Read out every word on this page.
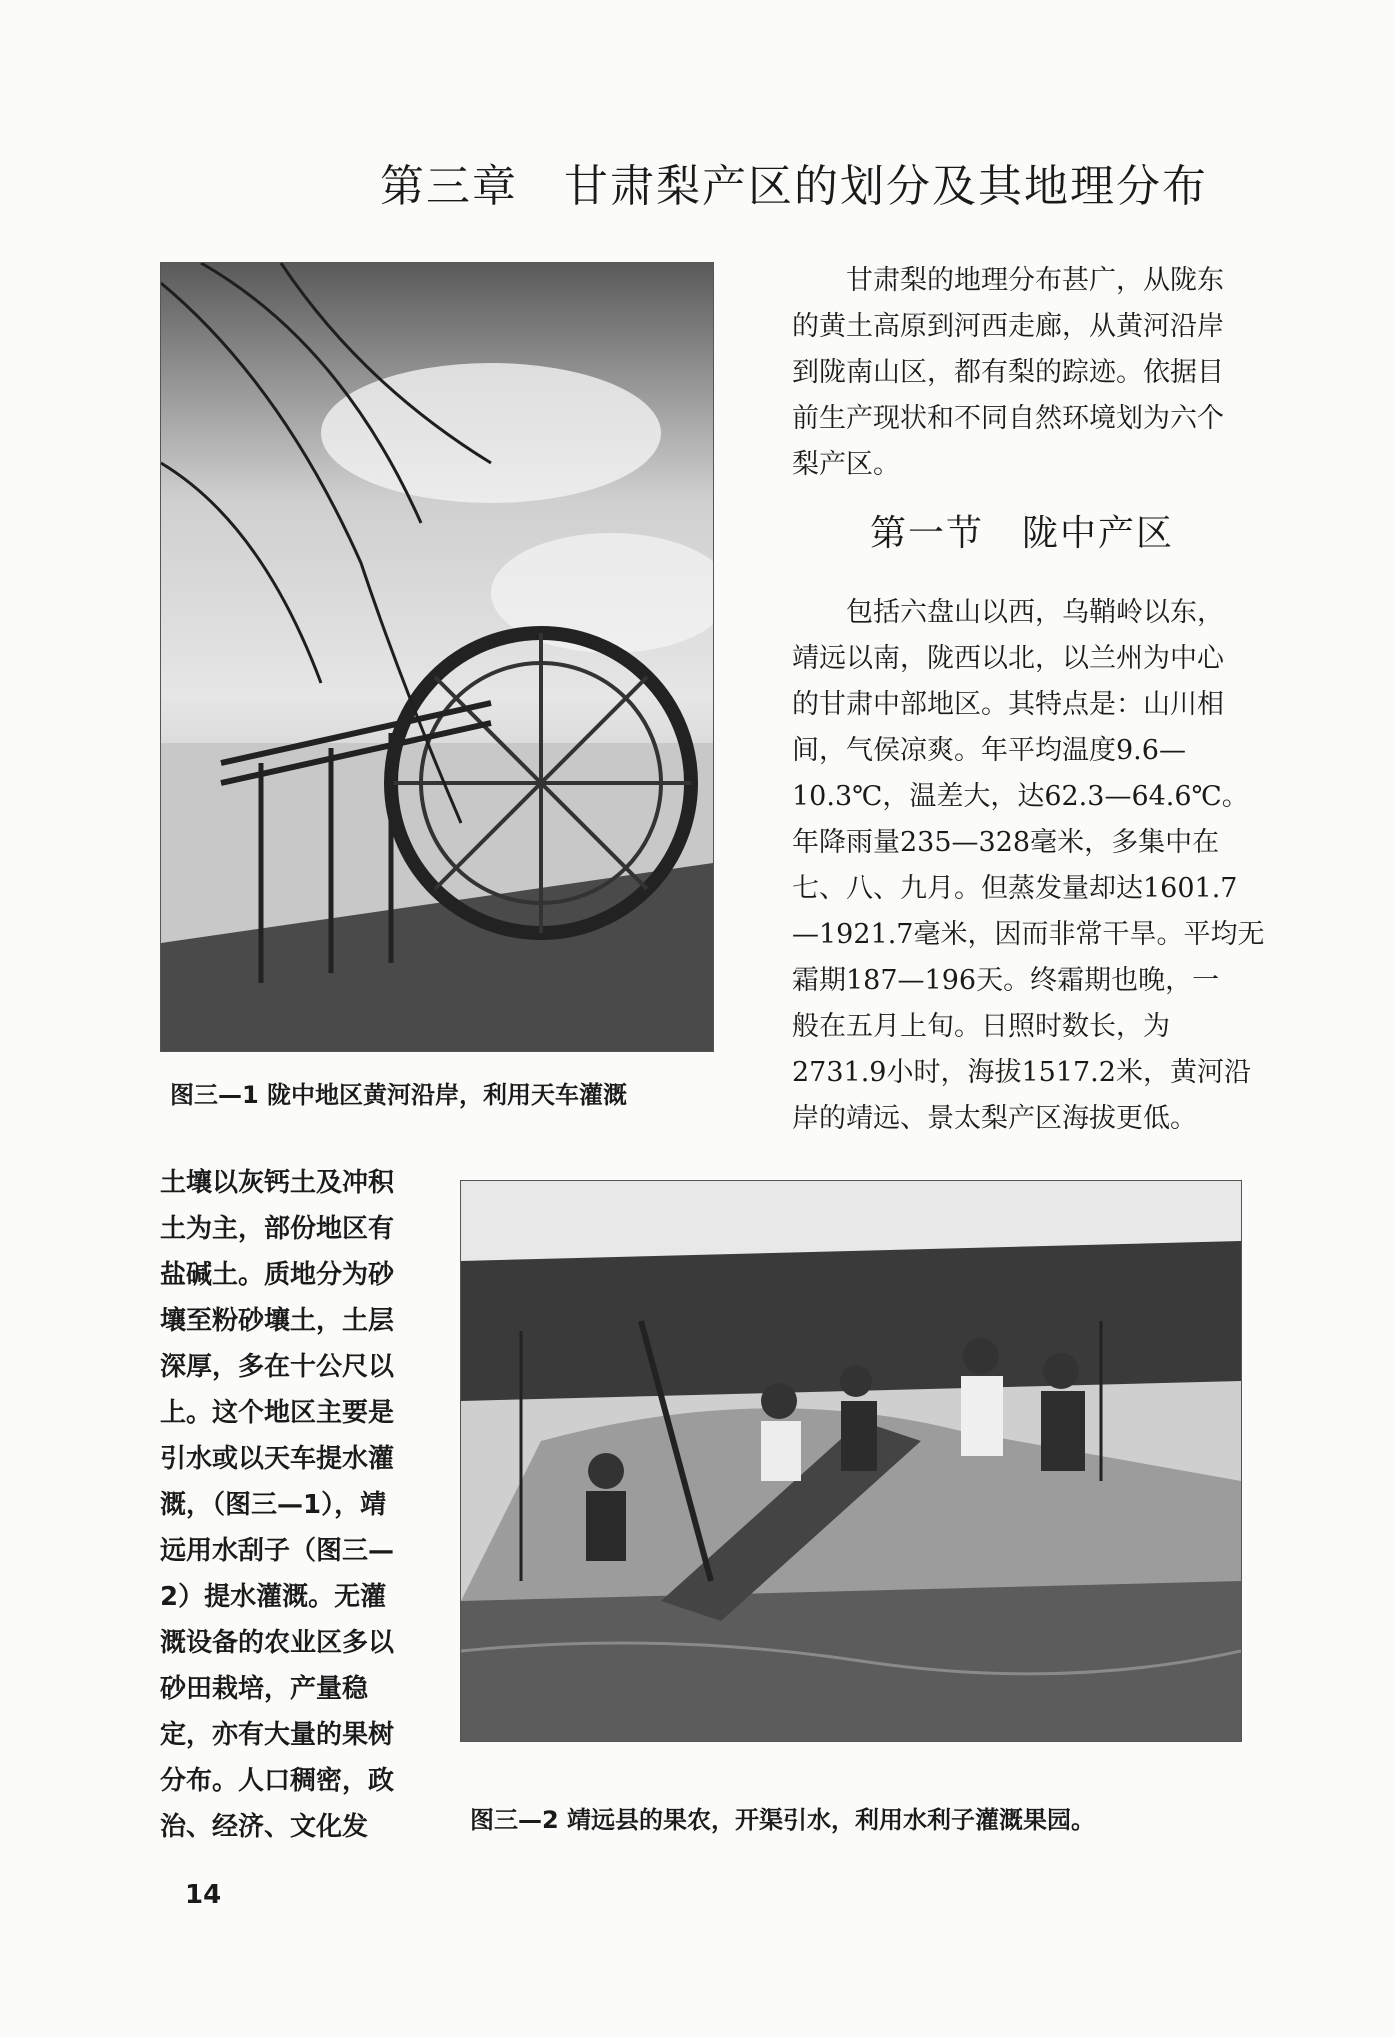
第三章　甘肃梨产区的划分及其地理分布
图三—1 陇中地区黄河沿岸，利用天车灌溉
甘肃梨的地理分布甚广，从陇东
的黄土高原到河西走廊，从黄河沿岸
到陇南山区，都有梨的踪迹。依据目
前生产现状和不同自然环境划为六个
梨产区。
第一节　陇中产区
包括六盘山以西，乌鞘岭以东，
靖远以南，陇西以北，以兰州为中心
的甘肃中部地区。其特点是：山川相
间，气侯凉爽。年平均温度9.6—
10.3℃，温差大，达62.3—64.6℃。
年降雨量235—328毫米，多集中在
七、八、九月。但蒸发量却达1601.7
—1921.7毫米，因而非常干旱。平均无
霜期187—196天。终霜期也晚，一
般在五月上旬。日照时数长，为
2731.9小时，海拔1517.2米，黄河沿
岸的靖远、景太梨产区海拔更低。
土壤以灰钙土及冲积
土为主，部份地区有
盐碱土。质地分为砂
壤至粉砂壤土，土层
深厚，多在十公尺以
上。这个地区主要是
引水或以天车提水灌
溉，（图三—1），靖
远用水刮子（图三—
2）提水灌溉。无灌
溉设备的农业区多以
砂田栽培，产量稳
定，亦有大量的果树
分布。人口稠密，政
治、经济、文化发	图三—2 靖远县的果农，开渠引水，利用水利子灌溉果园。
14
